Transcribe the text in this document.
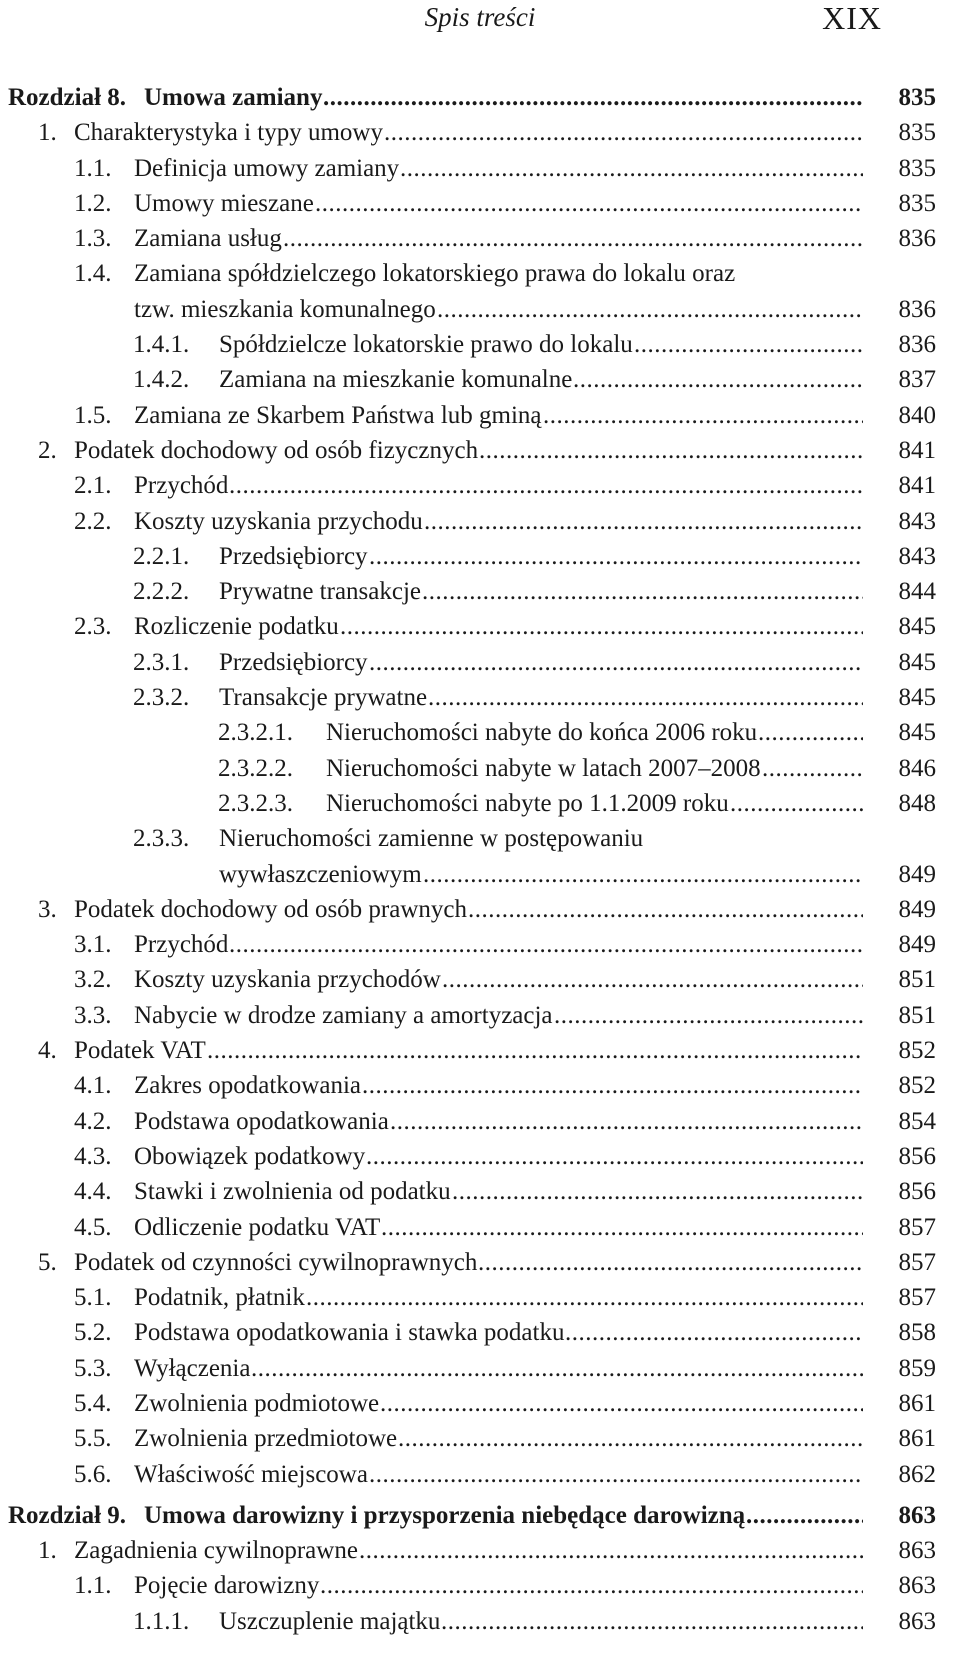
Spis treści	XIX
Rozdział 8. Umowa zamiany .....	835
1. Charakterystyka i typy umowy .....	835
1.1. Definicja umowy zamiany .....	835
1.2. Umowy mieszane .....	835
1.3. Zamiana usług .....	836
1.4. Zamiana spółdzielczego lokatorskiego prawa do lokalu oraz
tzw. mieszkania komunalnego .....	836
1.4.1. Spółdzielcze lokatorskie prawo do lokalu .....	836
1.4.2. Zamiana na mieszkanie komunalne .....	837
1.5. Zamiana ze Skarbem Państwa lub gminą .....	840
2. Podatek dochodowy od osób fizycznych .....	841
2.1. Przychód .....	841
2.2. Koszty uzyskania przychodu .....	843
2.2.1. Przedsiębiorcy .....	843
2.2.2. Prywatne transakcje .....	844
2.3. Rozliczenie podatku .....	845
2.3.1. Przedsiębiorcy .....	845
2.3.2. Transakcje prywatne .....	845
2.3.2.1. Nieruchomości nabyte do końca 2006 roku .....	845
2.3.2.2. Nieruchomości nabyte w latach 2007–2008 .....	846
2.3.2.3. Nieruchomości nabyte po 1.1.2009 roku .....	848
2.3.3. Nieruchomości zamienne w postępowaniu
wywłaszczeniowym .....	849
3. Podatek dochodowy od osób prawnych .....	849
3.1. Przychód .....	849
3.2. Koszty uzyskania przychodów .....	851
3.3. Nabycie w drodze zamiany a amortyzacja .....	851
4. Podatek VAT .....	852
4.1. Zakres opodatkowania .....	852
4.2. Podstawa opodatkowania .....	854
4.3. Obowiązek podatkowy .....	856
4.4. Stawki i zwolnienia od podatku .....	856
4.5. Odliczenie podatku VAT .....	857
5. Podatek od czynności cywilnoprawnych .....	857
5.1. Podatnik, płatnik .....	857
5.2. Podstawa opodatkowania i stawka podatku .....	858
5.3. Wyłączenia .....	859
5.4. Zwolnienia podmiotowe .....	861
5.5. Zwolnienia przedmiotowe .....	861
5.6. Właściwość miejscowa .....	862
Rozdział 9. Umowa darowizny i przysporzenia niebędące darowizną .....	863
1. Zagadnienia cywilnoprawne .....	863
1.1. Pojęcie darowizny .....	863
1.1.1. Uszczuplenie majątku .....	863
